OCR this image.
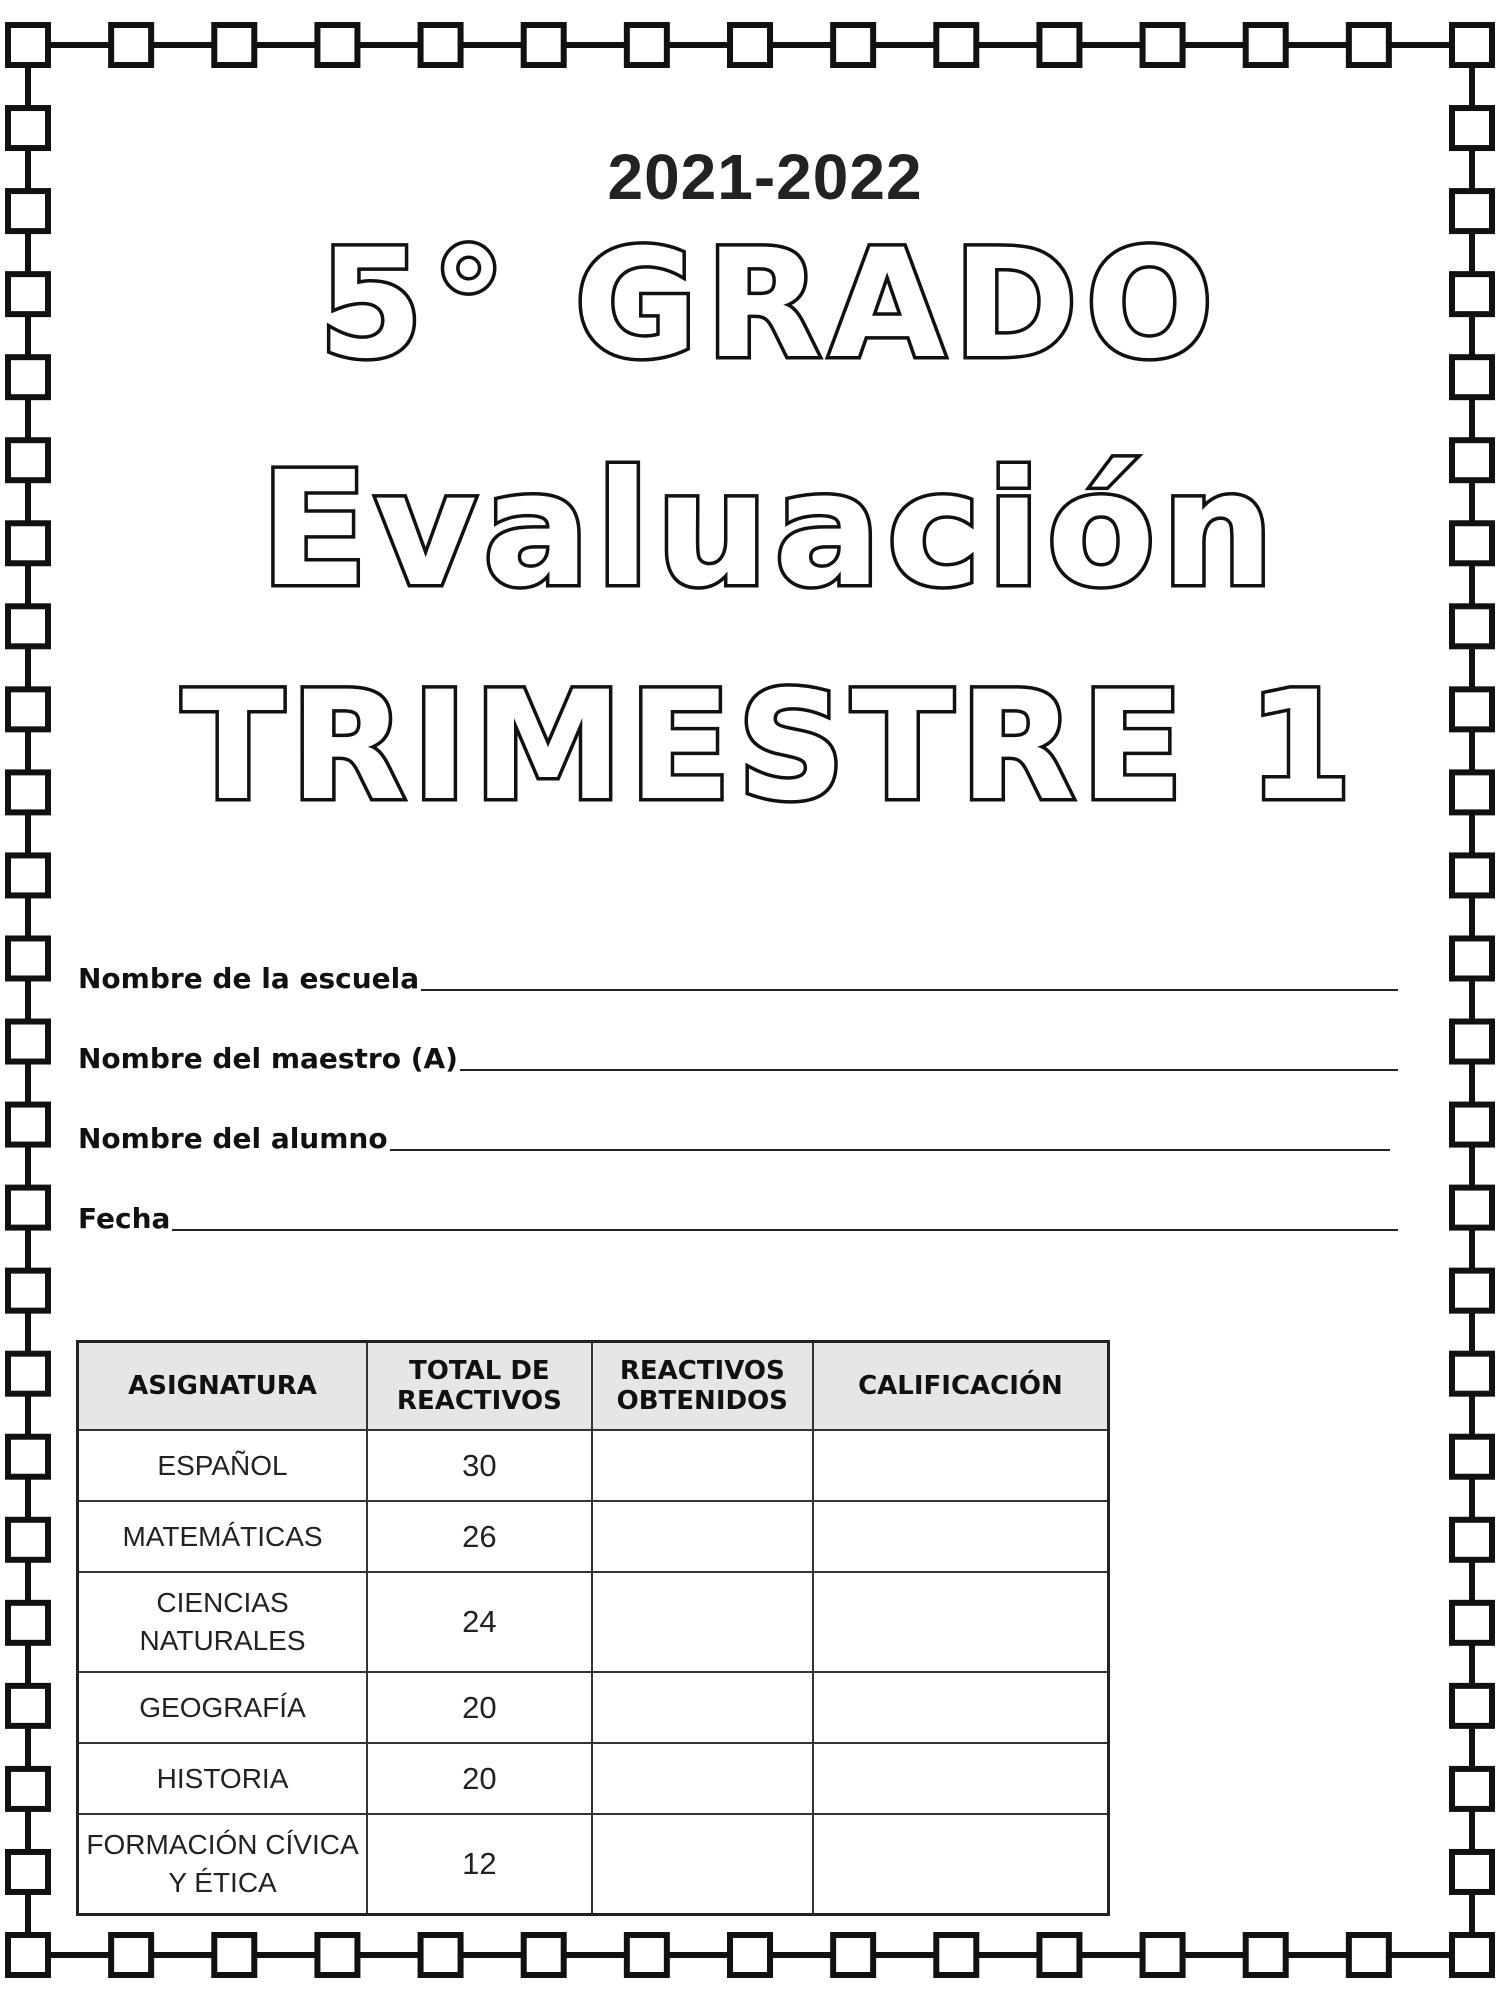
2021-2022
5° GRADO
Evaluación
TRIMESTRE 1
Nombre de la escuela
Nombre del maestro (A)
Nombre del alumno
Fecha
ASIGNATURA	TOTAL DE REACTIVOS	REACTIVOS OBTENIDOS	CALIFICACIÓN
ESPAÑOL	30		
MATEMÁTICAS	26		
CIENCIAS NATURALES	24		
GEOGRAFÍA	20		
HISTORIA	20		
FORMACIÓN CÍVICA Y ÉTICA	12		
